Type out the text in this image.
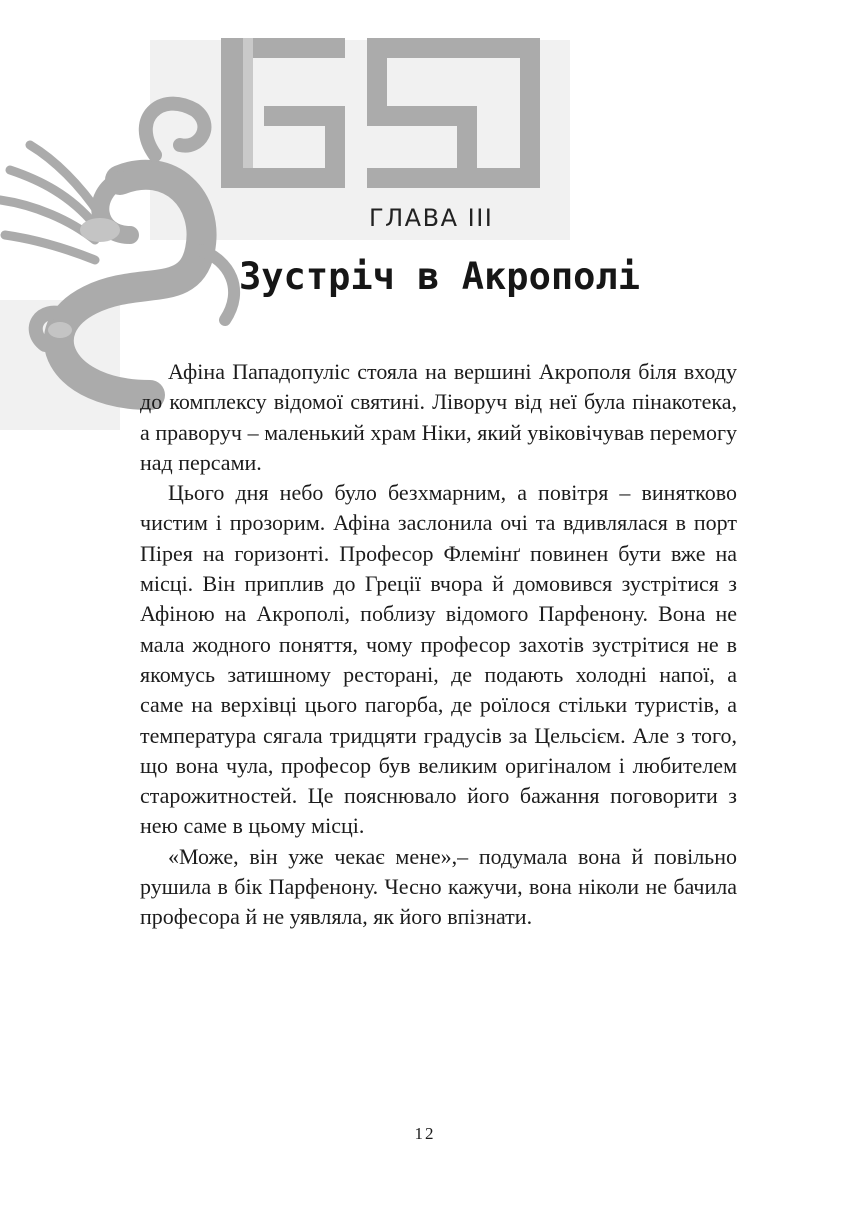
ГЛАВА III
Зустріч в Акрополі

Афіна Пападопуліс стояла на вершині Акрополя біля входу до комплексу відомої святині. Ліворуч від неї була пінакотека, а праворуч – маленький храм Ніки, який увіковічував перемогу над персами.

Цього дня небо було безхмарним, а повітря – винятково чистим і прозорим. Афіна заслонила очі та вдивлялася в порт Пірея на горизонті. Професор Флемінґ повинен бути вже на місці. Він приплив до Греції вчора й домовився зустрітися з Афіною на Акрополі, поблизу відомого Парфенону. Вона не мала жодного поняття, чому професор захотів зустрітися не в якомусь затишному ресторані, де подають холодні напої, а саме на верхівці цього пагорба, де роїлося стільки туристів, а температура сягала тридцяти градусів за Цельсієм. Але з того, що вона чула, професор був великим оригіналом і любителем старожитностей. Це пояснювало його бажання поговорити з нею саме в цьому місці.

«Може, він уже чекає мене»,– подумала вона й повільно рушила в бік Парфенону. Чесно кажучи, вона ніколи не бачила професора й не уявляла, як його впізнати.

12
